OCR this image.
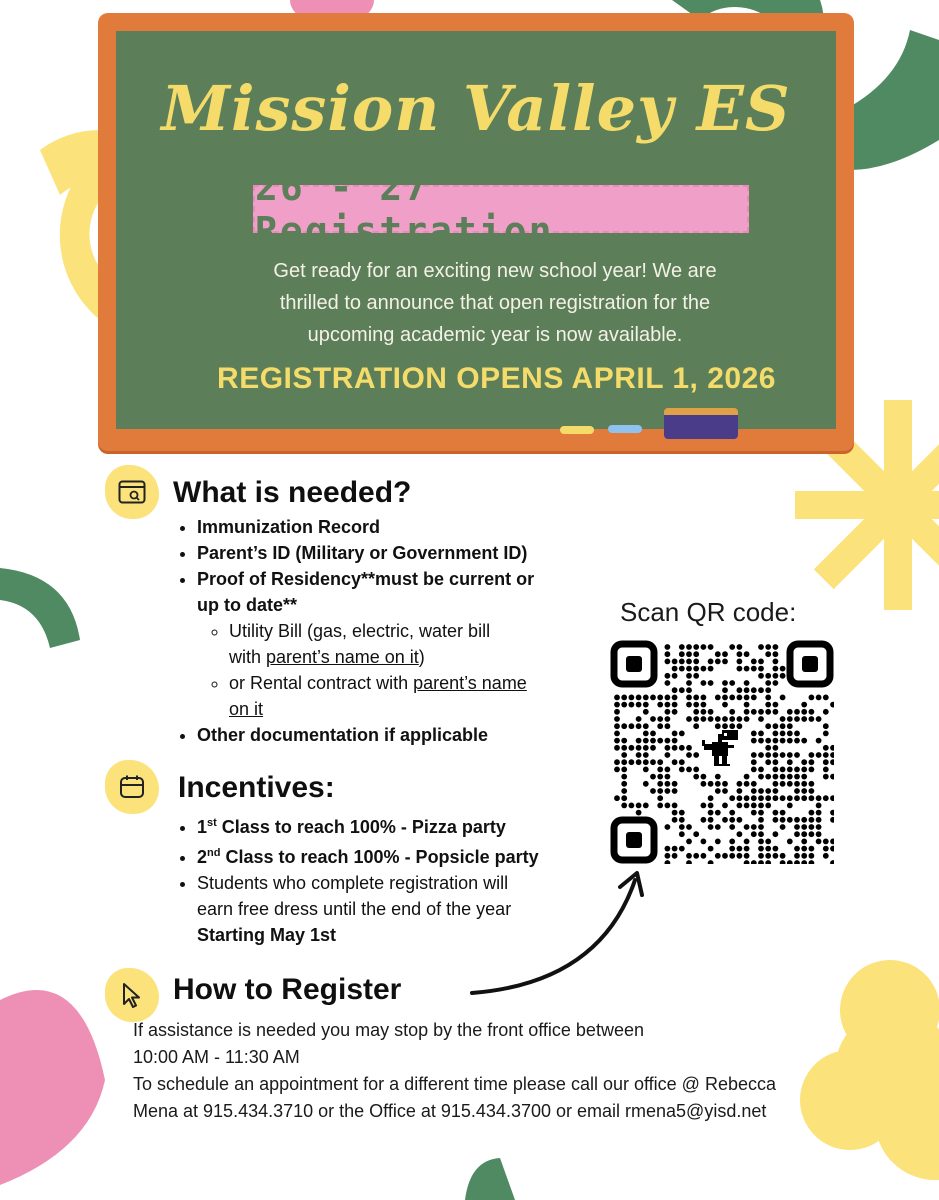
Mission Valley ES
26 - 27 Registration
Get ready for an exciting new school year! We are
thrilled to announce that open registration for the
upcoming academic year is now available.
REGISTRATION OPENS APRIL 1, 2026
What is needed?
• Immunization Record
• Parent’s ID (Military or Government ID)
• Proof of Residency**must be current or
up to date**
◦ Utility Bill (gas, electric, water bill
with parent’s name on it)
◦ or Rental contract with parent’s name
on it
• Other documentation if applicable
Incentives:
• 1st Class to reach 100% - Pizza party
• 2nd Class to reach 100% - Popsicle party
• Students who complete registration will
earn free dress until the end of the year
Starting May 1st
Scan QR code:
How to Register
If assistance is needed you may stop by the front office between
10:00 AM - 11:30 AM
To schedule an appointment for a different time please call our office @ Rebecca
Mena at 915.434.3710 or the Office at 915.434.3700 or email rmena5@yisd.net
